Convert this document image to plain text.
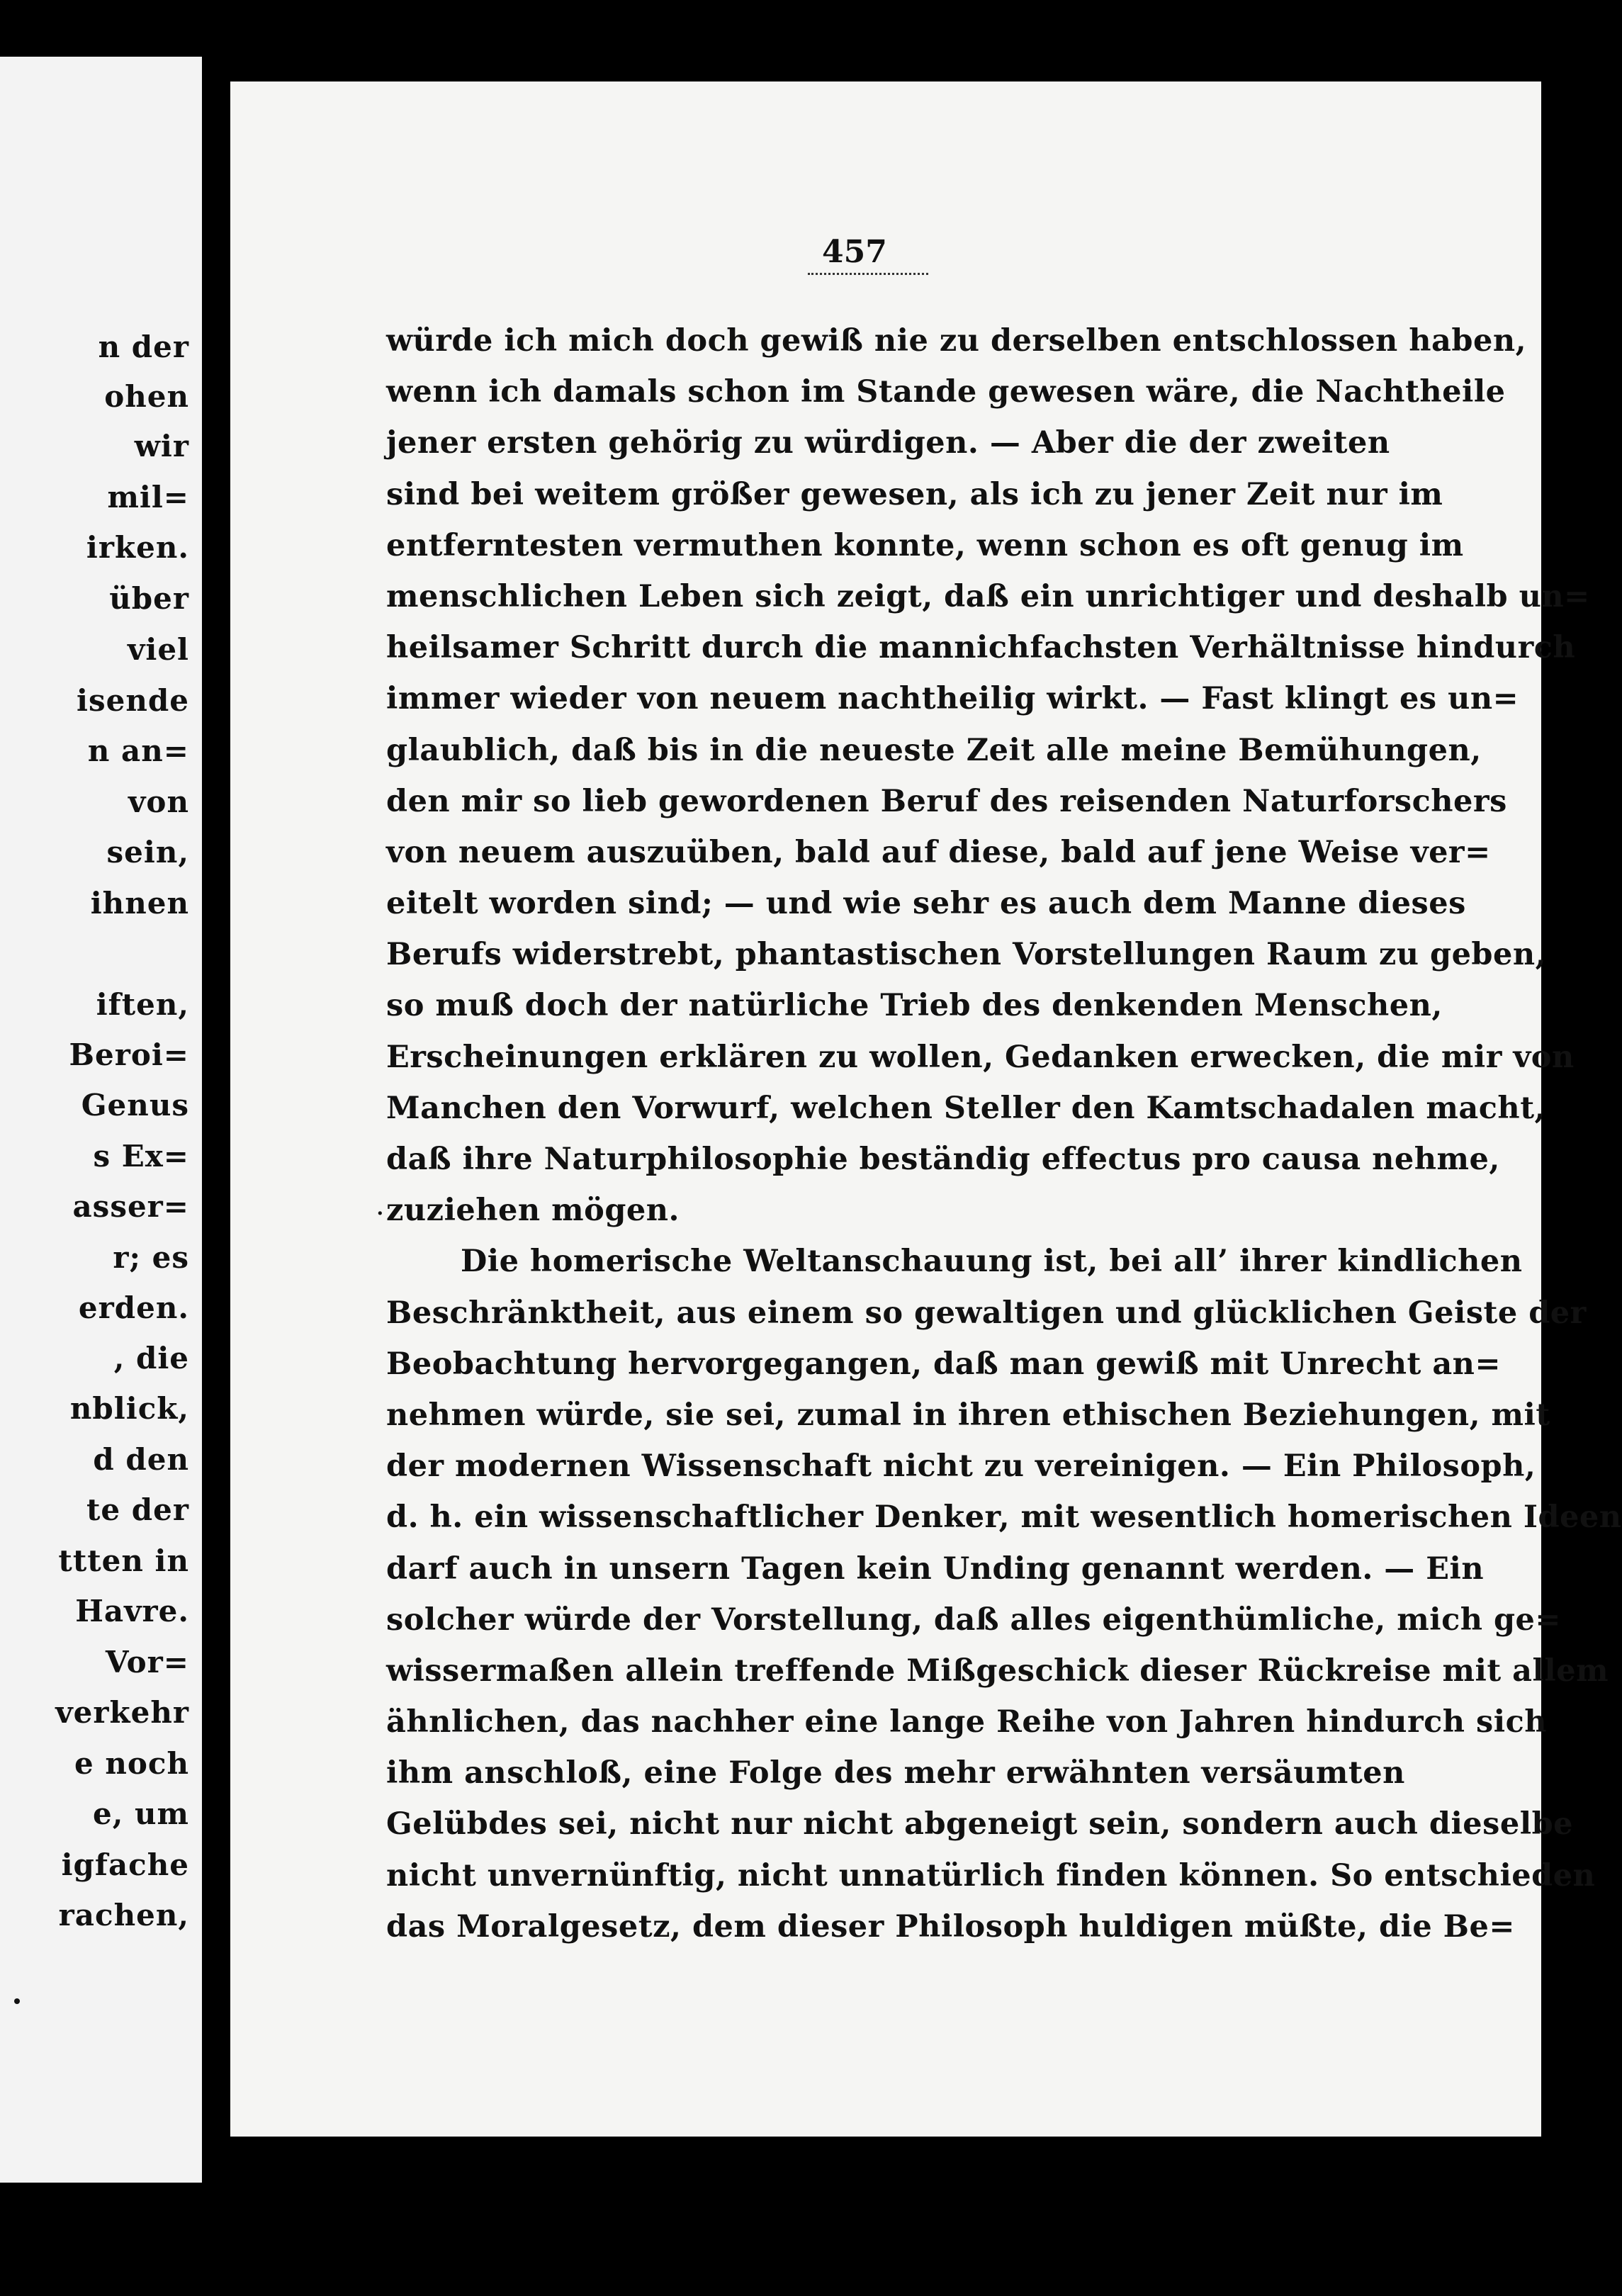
n der
ohen
wir
mil=
irken.
über
viel
isende
n an=
von
sein,
ihnen
iften,
Beroi=
Genus
s Ex=
asser=
r; es
erden.
, die
nblick,
d den
te der
ttten in
Havre.
Vor=
verkehr
e noch
e, um
igfache
rachen,
457
·
würde ich mich doch gewiß nie zu derselben entschlossen haben,
wenn ich damals schon im Stande gewesen wäre, die Nachtheile
jener ersten gehörig zu würdigen. — Aber die der zweiten
sind bei weitem größer gewesen, als ich zu jener Zeit nur im
entferntesten vermuthen konnte, wenn schon es oft genug im
menschlichen Leben sich zeigt, daß ein unrichtiger und deshalb un=
heilsamer Schritt durch die mannichfachsten Verhältnisse hindurch
immer wieder von neuem nachtheilig wirkt. — Fast klingt es un=
glaublich, daß bis in die neueste Zeit alle meine Bemühungen,
den mir so lieb gewordenen Beruf des reisenden Naturforschers
von neuem auszuüben, bald auf diese, bald auf jene Weise ver=
eitelt worden sind; — und wie sehr es auch dem Manne dieses
Berufs widerstrebt, phantastischen Vorstellungen Raum zu geben,
so muß doch der natürliche Trieb des denkenden Menschen,
Erscheinungen erklären zu wollen, Gedanken erwecken, die mir von
Manchen den Vorwurf, welchen Steller den Kamtschadalen macht,
daß ihre Naturphilosophie beständig effectus pro causa nehme,
zuziehen mögen.
Die homerische Weltanschauung ist, bei all’ ihrer kindlichen
Beschränktheit, aus einem so gewaltigen und glücklichen Geiste der
Beobachtung hervorgegangen, daß man gewiß mit Unrecht an=
nehmen würde, sie sei, zumal in ihren ethischen Beziehungen, mit
der modernen Wissenschaft nicht zu vereinigen. — Ein Philosoph,
d. h. ein wissenschaftlicher Denker, mit wesentlich homerischen Ideen
darf auch in unsern Tagen kein Unding genannt werden. — Ein
solcher würde der Vorstellung, daß alles eigenthümliche, mich ge=
wissermaßen allein treffende Mißgeschick dieser Rückreise mit allem
ähnlichen, das nachher eine lange Reihe von Jahren hindurch sich
ihm anschloß, eine Folge des mehr erwähnten versäumten
Gelübdes sei, nicht nur nicht abgeneigt sein, sondern auch dieselbe
nicht unvernünftig, nicht unnatürlich finden können. So entschieden
das Moralgesetz, dem dieser Philosoph huldigen müßte, die Be=
